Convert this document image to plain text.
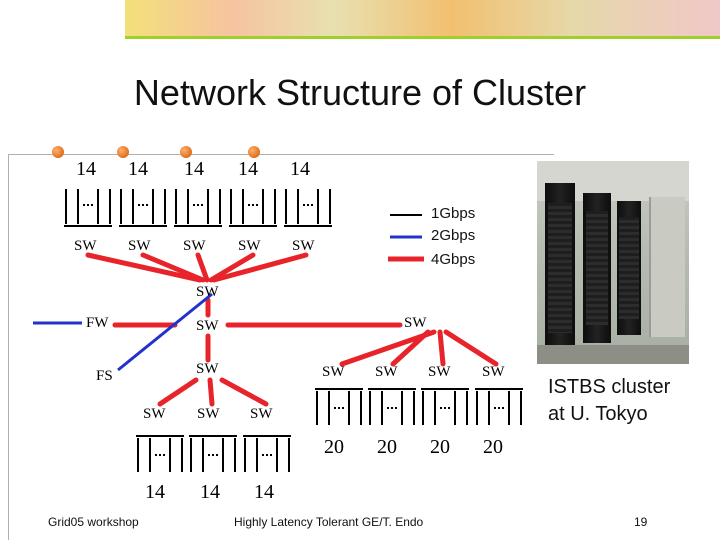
Network Structure of Cluster
14 14 14 14 14
SW SW SW SW SW
1Gbps
2Gbps
4Gbps
SW
FW	SW	SW
FS	SW
SW SW SW
14 14 14
SW SW SW SW
20 20 20 20
ISTBS cluster
at U. Tokyo
Grid05 workshop	Highly Latency Tolerant GE/T. Endo	19
